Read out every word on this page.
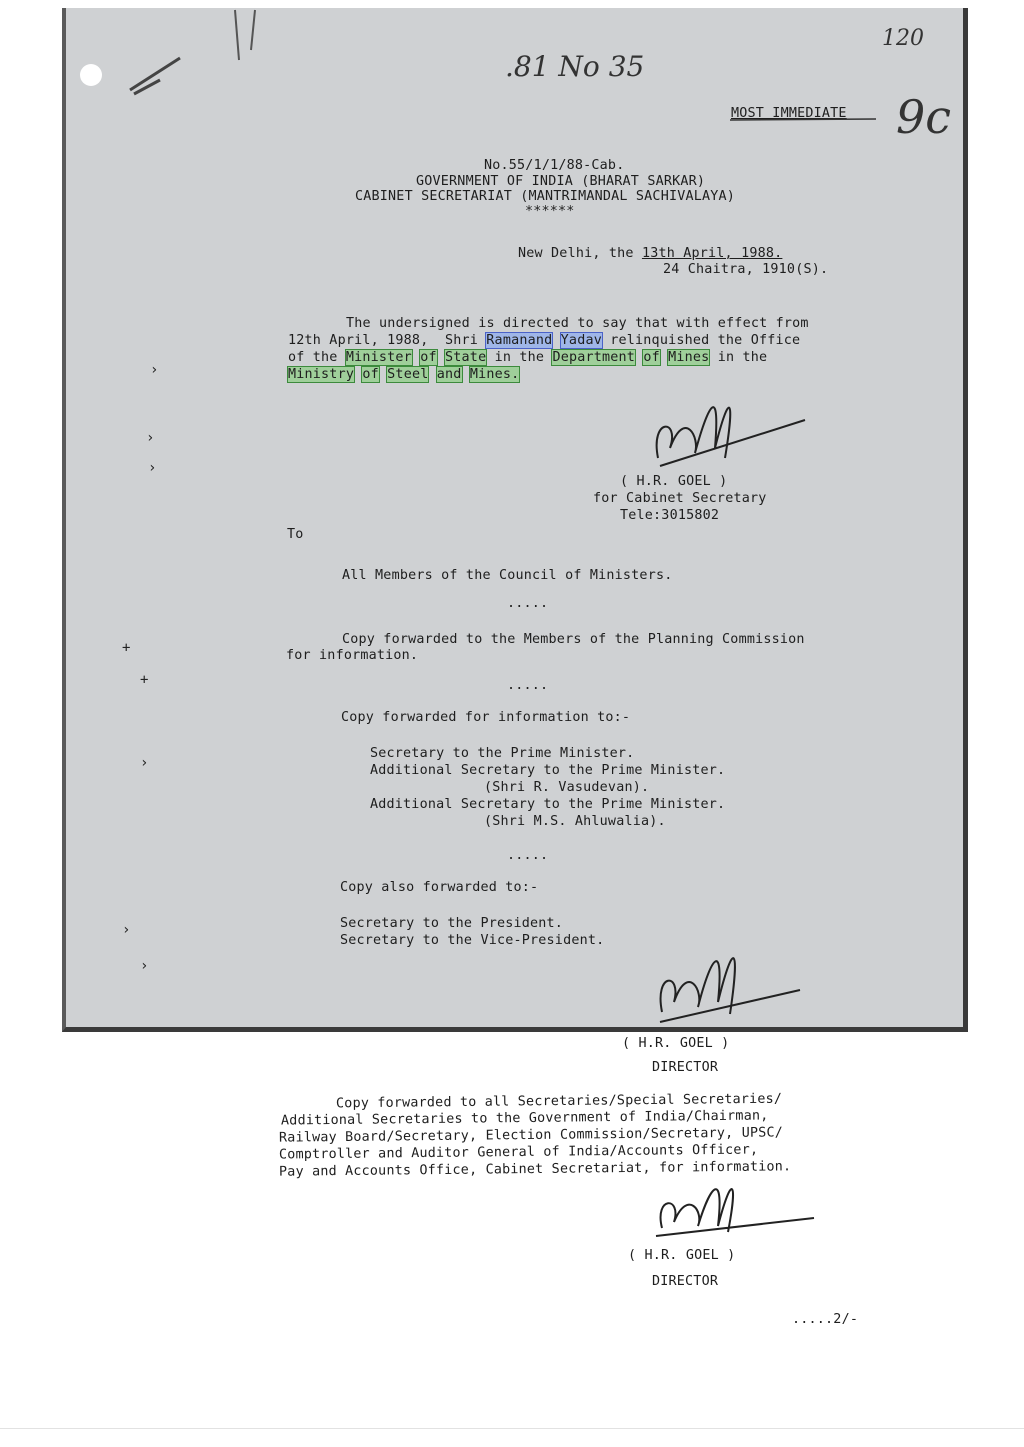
›
›
›
+
+
›
›
›
.81 No 35
120
9c
MOST IMMEDIATE
No.55/1/1/88-Cab.
GOVERNMENT OF INDIA (BHARAT SARKAR)
CABINET SECRETARIAT (MANTRIMANDAL SACHIVALAYA)
******
New Delhi, the 13th April, 1988.
24 Chaitra, 1910(S).
The undersigned is directed to say that with effect from
12th April, 1988,  Shri Ramanand Yadav relinquished the Office
of the Minister of State in the Department of Mines in the
Ministry of Steel and Mines.
( H.R. GOEL )
for Cabinet Secretary
Tele:3015802
To
All Members of the Council of Ministers.
.....
Copy forwarded to the Members of the Planning Commission
for information.
.....
Copy forwarded for information to:-
Secretary to the Prime Minister.
Additional Secretary to the Prime Minister.
(Shri R. Vasudevan).
Additional Secretary to the Prime Minister.
(Shri M.S. Ahluwalia).
.....
Copy also forwarded to:-
Secretary to the President.
Secretary to the Vice-President.
( H.R. GOEL )
DIRECTOR
Copy forwarded to all Secretaries/Special Secretaries/
Additional Secretaries to the Government of India/Chairman,
Railway Board/Secretary, Election Commission/Secretary, UPSC/
Comptroller and Auditor General of India/Accounts Officer,
Pay and Accounts Office, Cabinet Secretariat, for information.
( H.R. GOEL )
DIRECTOR
.....2/-
